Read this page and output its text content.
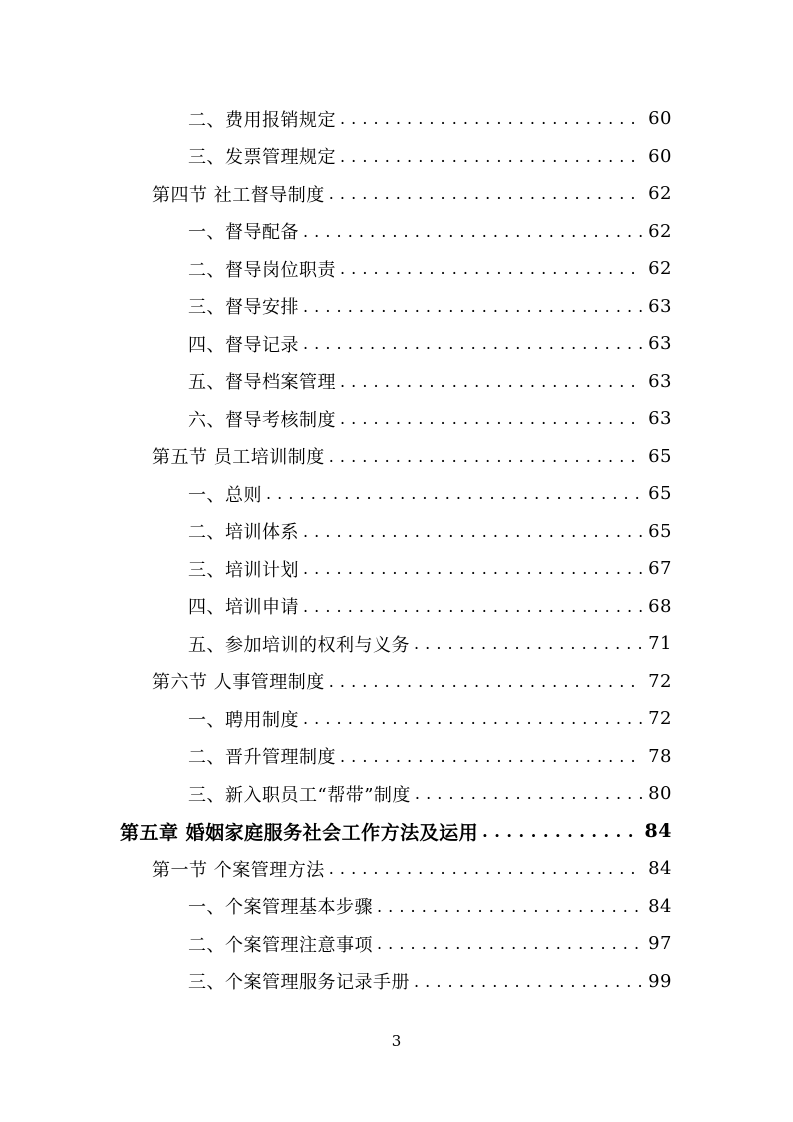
二、费用报销规定 . . .	60
三、发票管理规定 . . .	60
第四节 社工督导制度 . . .	62
一、督导配备 . . .	62
二、督导岗位职责 . . .	62
三、督导安排 . . .	63
四、督导记录 . . .	63
五、督导档案管理 . . .	63
六、督导考核制度 . . .	63
第五节 员工培训制度 . . .	65
一、总则 . . .	65
二、培训体系 . . .	65
三、培训计划 . . .	67
四、培训申请 . . .	68
五、参加培训的权利与义务 . . .	71
第六节 人事管理制度 . . .	72
一、聘用制度 . . .	72
二、晋升管理制度 . . .	78
三、新入职员工“帮带”制度 . . .	80
第五章 婚姻家庭服务社会工作方法及运用 . . .	84
第一节 个案管理方法 . . .	84
一、个案管理基本步骤 . . .	84
二、个案管理注意事项 . . .	97
三、个案管理服务记录手册 . . .	99
3
